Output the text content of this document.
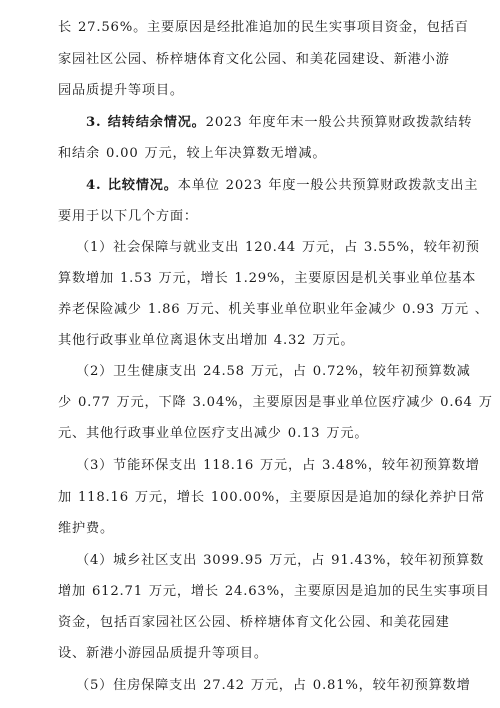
长 27.56%。主要原因是经批准追加的民生实事项目资金，包括百
家园社区公园、桥梓塘体育文化公园、和美花园建设、新港小游
园品质提升等项目。
3. 结转结余情况。2023 年度年末一般公共预算财政拨款结转
和结余 0.00 万元，较上年决算数无增减。
4. 比较情况。本单位 2023 年度一般公共预算财政拨款支出主
要用于以下几个方面：
（1）社会保障与就业支出 120.44 万元，占 3.55%，较年初预
算数增加 1.53 万元，增长 1.29%，主要原因是机关事业单位基本
养老保险减少 1.86 万元、机关事业单位职业年金减少 0.93 万元 、
其他行政事业单位离退休支出增加 4.32 万元。
（2）卫生健康支出 24.58 万元，占 0.72%，较年初预算数减
少 0.77 万元，下降 3.04%，主要原因是事业单位医疗减少 0.64 万
元、其他行政事业单位医疗支出减少 0.13 万元。
（3）节能环保支出 118.16 万元，占 3.48%，较年初预算数增
加 118.16 万元，增长 100.00%，主要原因是追加的绿化养护日常
维护费。
（4）城乡社区支出 3099.95 万元，占 91.43%，较年初预算数
增加 612.71 万元，增长 24.63%，主要原因是追加的民生实事项目
资金，包括百家园社区公园、桥梓塘体育文化公园、和美花园建
设、新港小游园品质提升等项目。
（5）住房保障支出 27.42 万元，占 0.81%，较年初预算数增
